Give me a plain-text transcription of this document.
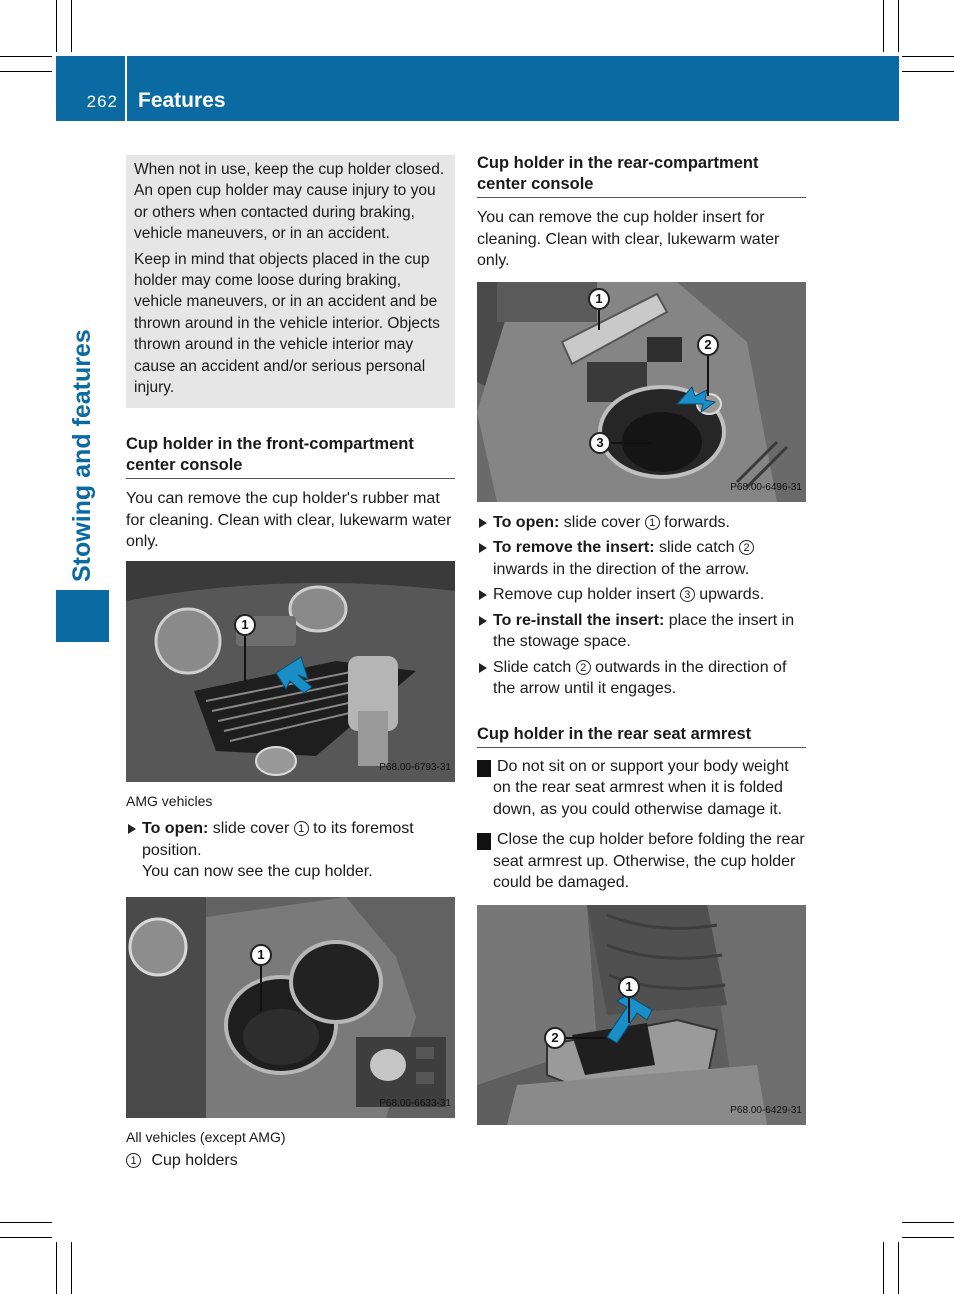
262 Features
Stowing and features

When not in use, keep the cup holder closed. An open cup holder may cause injury to you or others when contacted during braking, vehicle maneuvers, or in an accident.

Keep in mind that objects placed in the cup holder may come loose during braking, vehicle maneuvers, or in an accident and be thrown around in the vehicle interior. Objects thrown around in the vehicle interior may cause an accident and/or serious personal injury.

Cup holder in the front-compartment center console

You can remove the cup holder's rubber mat for cleaning. Clean with clear, lukewarm water only.

1
P68.00-6793-31

AMG vehicles

To open: slide cover 1 to its foremost position.
You can now see the cup holder.

1
P68.00-6633-31

All vehicles (except AMG)

1 Cup holders

Cup holder in the rear-compartment center console

You can remove the cup holder insert for cleaning. Clean with clear, lukewarm water only.

1
2
3
P68.00-6496-31

To open: slide cover 1 forwards.

To remove the insert: slide catch 2 inwards in the direction of the arrow.

Remove cup holder insert 3 upwards.

To re-install the insert: place the insert in the stowage space.

Slide catch 2 outwards in the direction of the arrow until it engages.

Cup holder in the rear seat armrest

! Do not sit on or support your body weight on the rear seat armrest when it is folded down, as you could otherwise damage it.

! Close the cup holder before folding the rear seat armrest up. Otherwise, the cup holder could be damaged.

1
2
P68.00-6429-31
